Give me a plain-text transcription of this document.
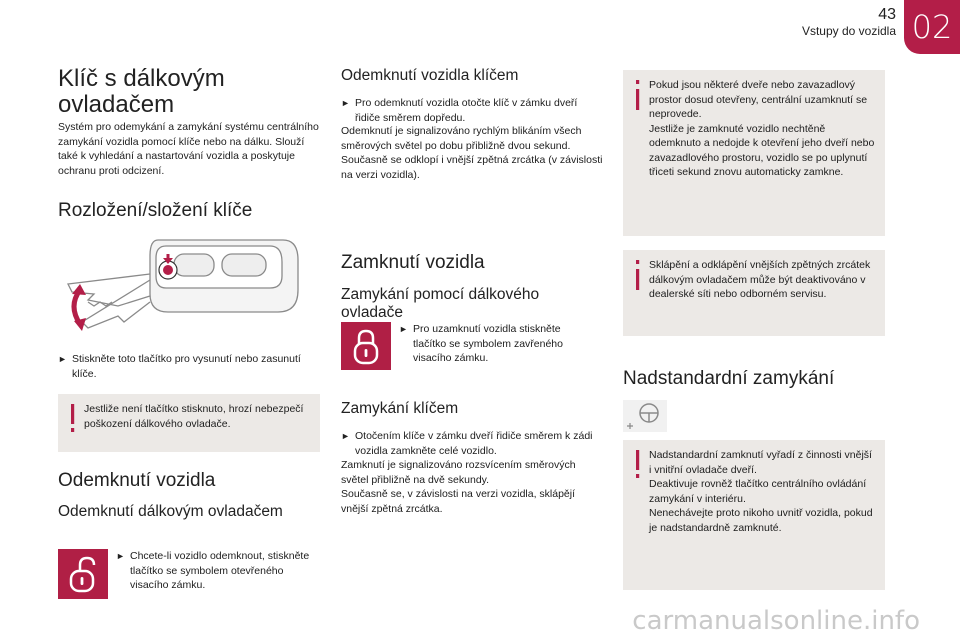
43
Vstupy do vozidla 02
Klíč s dálkovým
ovladačem

Systém pro odemykání a zamykání systému centrálního zamykání vozidla pomocí klíče nebo na dálku. Slouží také k vyhledání a nastartování vozidla a poskytuje ochranu proti odcizení.

Rozložení/složení klíče
► Stiskněte toto tlačítko pro vysunutí nebo zasunutí klíče.

Jestliže není tlačítko stisknuto, hrozí nebezpečí poškození dálkového ovladače.

Odemknutí vozidla
Odemknutí dálkovým ovladačem
► Chcete-li vozidlo odemknout, stiskněte tlačítko se symbolem otevřeného visacího zámku.
Odemknutí vozidla klíčem
► Pro odemknutí vozidla otočte klíč v zámku dveří řidiče směrem dopředu.

Odemknutí je signalizováno rychlým blikáním všech směrových světel po dobu přibližně dvou sekund.
Současně se odklopí i vnější zpětná zrcátka (v závislosti na verzi vozidla).

Zamknutí vozidla
Zamykání pomocí dálkového
ovladače
► Pro uzamknutí vozidla stiskněte tlačítko se symbolem zavřeného visacího zámku.
Zamykání klíčem
► Otočením klíče v zámku dveří řidiče směrem k zádi vozidla zamkněte celé vozidlo.

Zamknutí je signalizováno rozsvícením směrových světel přibližně na dvě sekundy.
Současně se, v závislosti na verzi vozidla, sklápějí vnější zpětná zrcátka.

Pokud jsou některé dveře nebo zavazadlový prostor dosud otevřeny, centrální uzamknutí se neprovede.
Jestliže je zamknuté vozidlo nechtěně odemknuto a nedojde k otevření jeho dveří nebo zavazadlového prostoru, vozidlo se po uplynutí třiceti sekund znovu automaticky zamkne.

Sklápění a odklápění vnějších zpětných zrcátek dálkovým ovladačem může být deaktivováno v dealerské síti nebo odborném servisu.

Nadstandardní zamykání

Nadstandardní zamknutí vyřadí z činnosti vnější i vnitřní ovladače dveří.
Deaktivuje rovněž tlačítko centrálního ovládání zamykání v interiéru.
Nenechávejte proto nikoho uvnitř vozidla, pokud je nadstandardně zamknuté.

carmanualsonline.info
